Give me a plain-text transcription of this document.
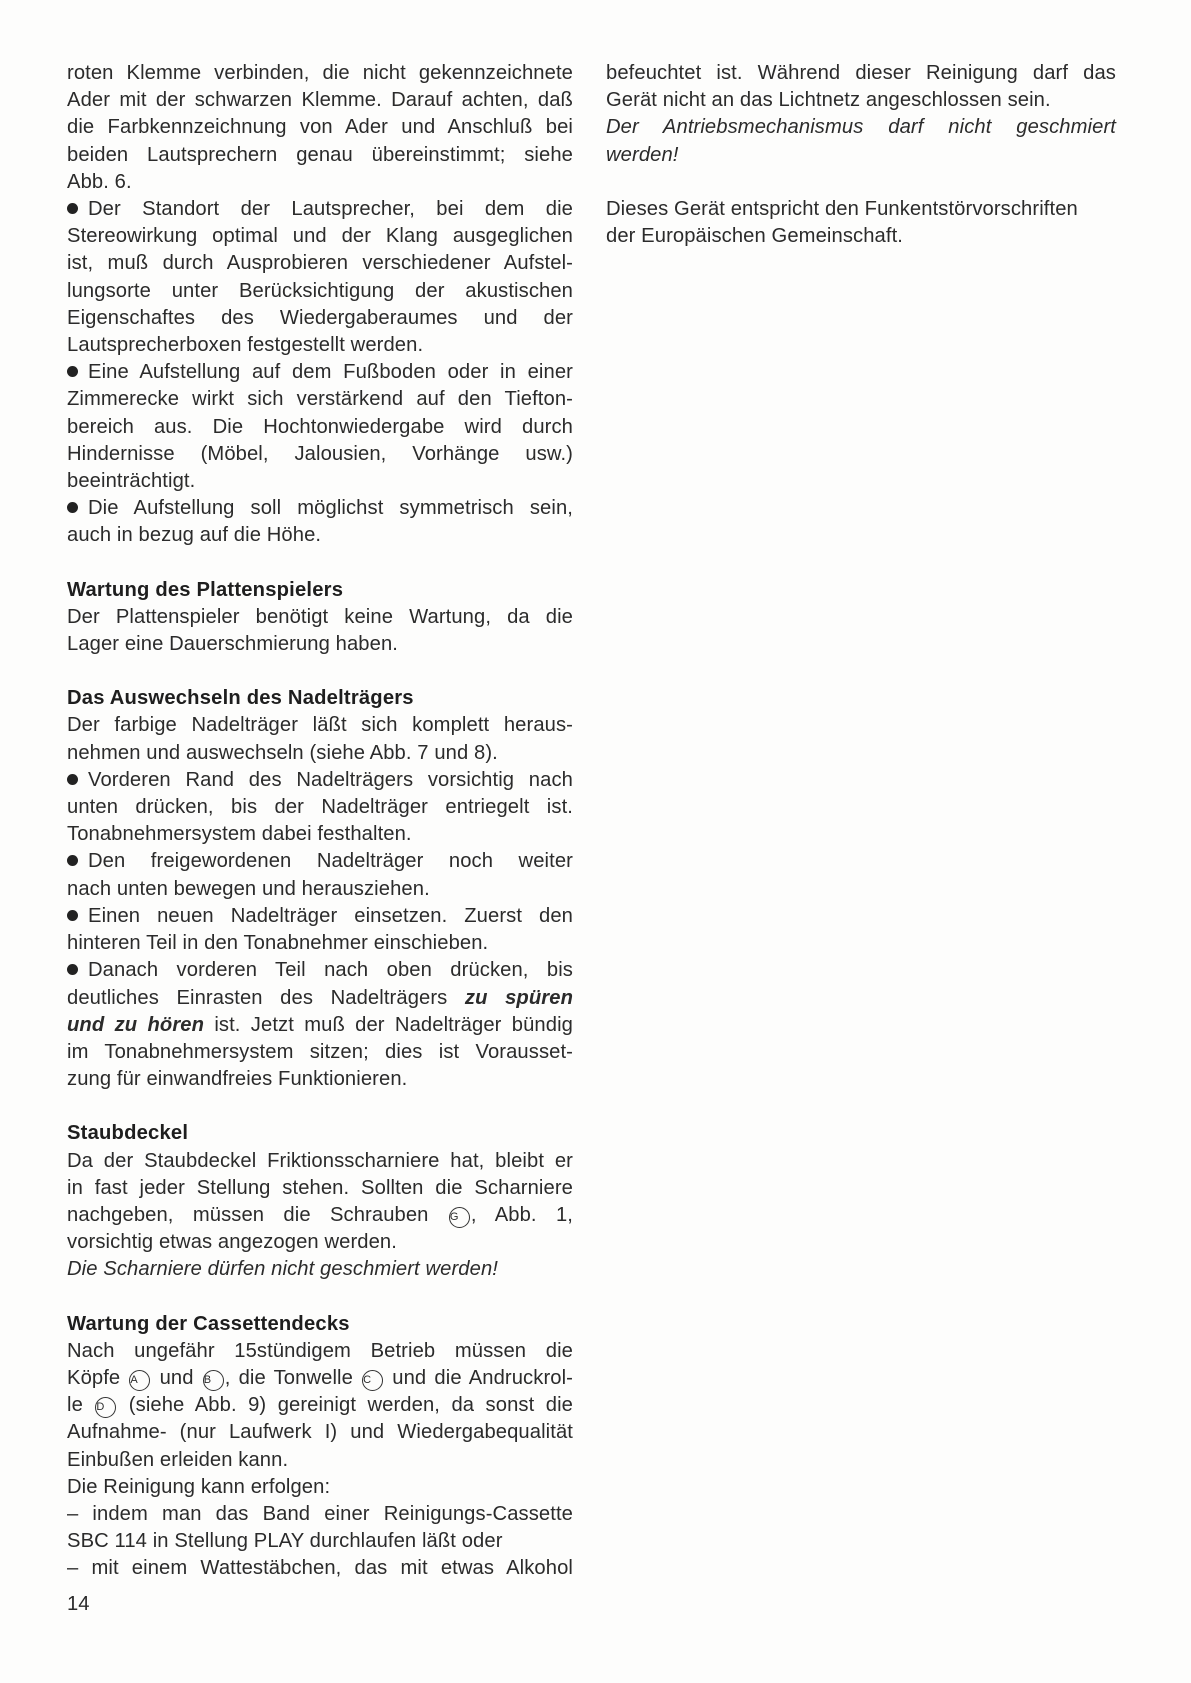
roten Klemme verbinden, die nicht gekennzeichnete
Ader mit der schwarzen Klemme. Darauf achten, daß
die Farbkennzeichnung von Ader und Anschluß bei
beiden Lautsprechern genau übereinstimmt; siehe
Abb. 6.
Der Standort der Lautsprecher, bei dem die
Stereowirkung optimal und der Klang ausgeglichen
ist, muß durch Ausprobieren verschiedener Aufstel-
lungsorte unter Berücksichtigung der akustischen
Eigenschaftes des Wiedergaberaumes und der
Lautsprecherboxen festgestellt werden.
Eine Aufstellung auf dem Fußboden oder in einer
Zimmerecke wirkt sich verstärkend auf den Tiefton-
bereich aus. Die Hochtonwiedergabe wird durch
Hindernisse (Möbel, Jalousien, Vorhänge usw.)
beeinträchtigt.
Die Aufstellung soll möglichst symmetrisch sein,
auch in bezug auf die Höhe.
Wartung des Plattenspielers
Der Plattenspieler benötigt keine Wartung, da die
Lager eine Dauerschmierung haben.
Das Auswechseln des Nadelträgers
Der farbige Nadelträger läßt sich komplett heraus-
nehmen und auswechseln (siehe Abb. 7 und 8).
Vorderen Rand des Nadelträgers vorsichtig nach
unten drücken, bis der Nadelträger entriegelt ist.
Tonabnehmersystem dabei festhalten.
Den freigewordenen Nadelträger noch weiter
nach unten bewegen und herausziehen.
Einen neuen Nadelträger einsetzen. Zuerst den
hinteren Teil in den Tonabnehmer einschieben.
Danach vorderen Teil nach oben drücken, bis
deutliches Einrasten des Nadelträgers zu spüren
und zu hören ist. Jetzt muß der Nadelträger bündig
im Tonabnehmersystem sitzen; dies ist Vorausset-
zung für einwandfreies Funktionieren.
Staubdeckel
Da der Staubdeckel Friktionsscharniere hat, bleibt er
in fast jeder Stellung stehen. Sollten die Scharniere
nachgeben, müssen die Schrauben G , Abb. 1,
vorsichtig etwas angezogen werden.
Die Scharniere dürfen nicht geschmiert werden!
Wartung der Cassettendecks
Nach ungefähr 15stündigem Betrieb müssen die
Köpfe A und B , die Tonwelle C und die Andruckrol-
le D (siehe Abb. 9) gereinigt werden, da sonst die
Aufnahme- (nur Laufwerk I) und Wiedergabequalität
Einbußen erleiden kann.
Die Reinigung kann erfolgen:
– indem man das Band einer Reinigungs-Cassette
SBC 114 in Stellung PLAY durchlaufen läßt oder
– mit einem Wattestäbchen, das mit etwas Alkohol
befeuchtet ist. Während dieser Reinigung darf das
Gerät nicht an das Lichtnetz angeschlossen sein.
Der Antriebsmechanismus darf nicht geschmiert
werden!
Dieses Gerät entspricht den Funkentstörvorschriften
der Europäischen Gemeinschaft.
14
